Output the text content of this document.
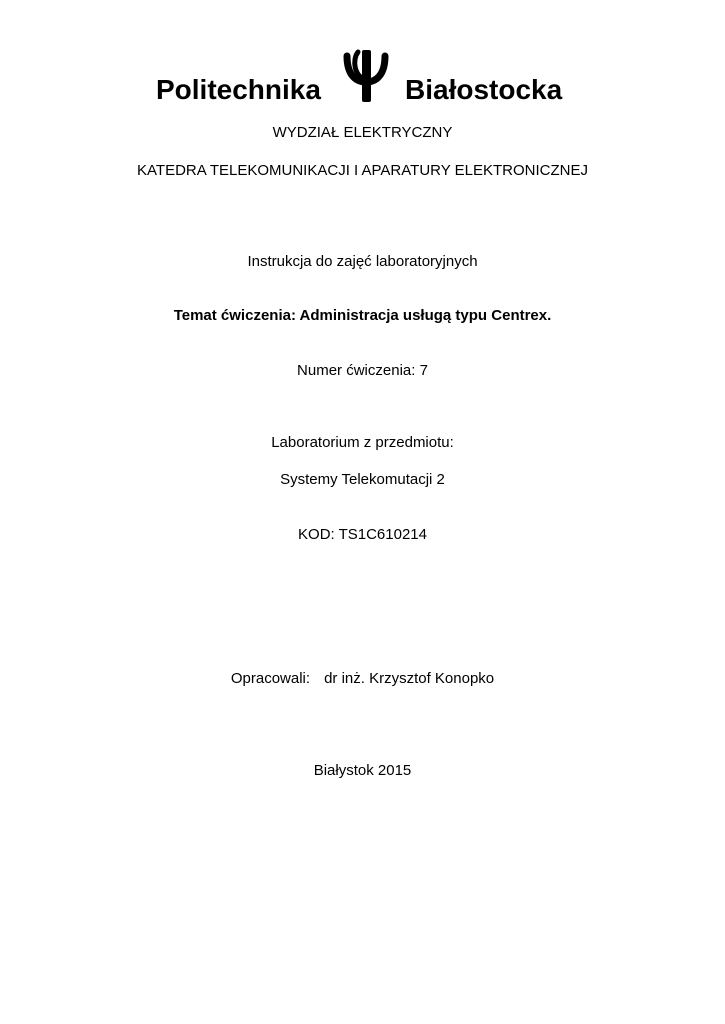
Politechnika	Białostocka
WYDZIAŁ ELEKTRYCZNY
KATEDRA TELEKOMUNIKACJI I APARATURY ELEKTRONICZNEJ
Instrukcja do zajęć laboratoryjnych
Temat ćwiczenia: Administracja usługą typu Centrex.
Numer ćwiczenia: 7
Laboratorium z przedmiotu:
Systemy Telekomutacji 2
KOD: TS1C610214
Opracowali: dr inż. Krzysztof Konopko
Białystok 2015
